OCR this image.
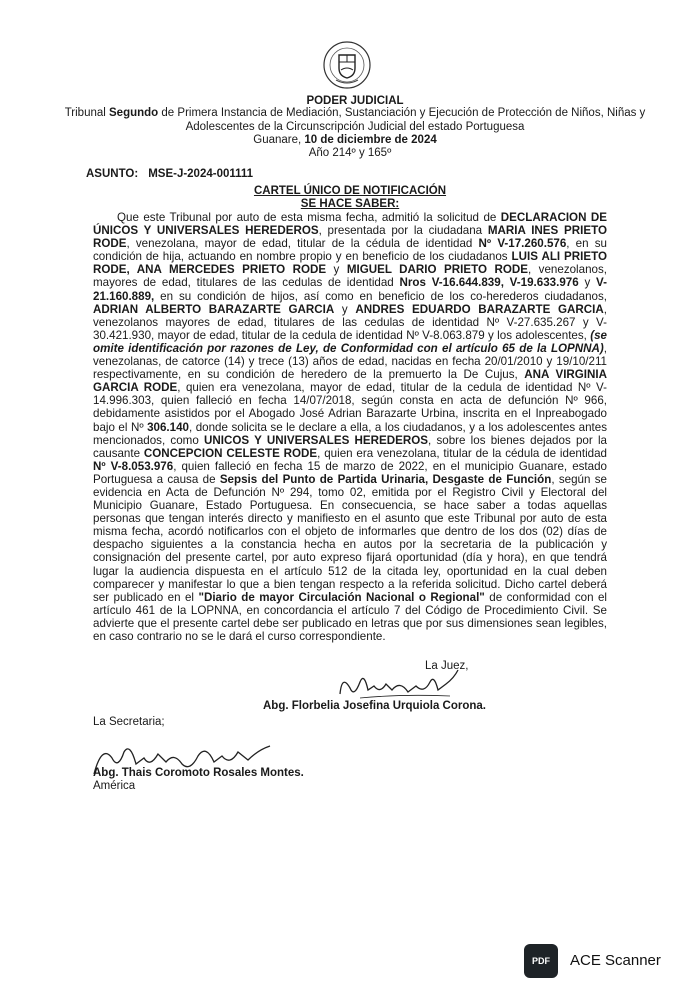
PODER JUDICIAL
Tribunal Segundo de Primera Instancia de Mediación, Sustanciación y Ejecución de Protección de Niños, Niñas y Adolescentes de la Circunscripción Judicial del estado Portuguesa
Guanare, 10 de diciembre de 2024
Año 214º y 165º
ASUNTO: MSE-J-2024-001111
CARTEL ÚNICO DE NOTIFICACIÓN
SE HACE SABER:
Que este Tribunal por auto de esta misma fecha, admitió la solicitud de DECLARACION DE ÚNICOS Y UNIVERSALES HEREDEROS, presentada por la ciudadana MARIA INES PRIETO RODE, venezolana, mayor de edad, titular de la cédula de identidad Nº V-17.260.576, en su condición de hija, actuando en nombre propio y en beneficio de los ciudadanos LUIS ALI PRIETO RODE, ANA MERCEDES PRIETO RODE y MIGUEL DARIO PRIETO RODE, venezolanos, mayores de edad, titulares de las cedulas de identidad Nros V-16.644.839, V-19.633.976 y V-21.160.889, en su condición de hijos, así como en beneficio de los co-herederos ciudadanos, ADRIAN ALBERTO BARAZARTE GARCIA y ANDRES EDUARDO BARAZARTE GARCIA, venezolanos mayores de edad, titulares de las cedulas de identidad Nº V-27.635.267 y V-30.421.930, mayor de edad, titular de la cedula de identidad Nº V-8.063.879 y los adolescentes, (se omite identificación por razones de Ley, de Conformidad con el artículo 65 de la LOPNNA), venezolanas, de catorce (14) y trece (13) años de edad, nacidas en fecha 20/01/2010 y 19/10/211 respectivamente, en su condición de heredero de la premuerto la De Cujus, ANA VIRGINIA GARCIA RODE, quien era venezolana, mayor de edad, titular de la cedula de identidad Nº V-14.996.303, quien falleció en fecha 14/07/2018, según consta en acta de defunción Nº 966, debidamente asistidos por el Abogado José Adrian Barazarte Urbina, inscrita en el Inpreabogado bajo el Nº 306.140, donde solicita se le declare a ella, a los ciudadanos, y a los adolescentes antes mencionados, como UNICOS Y UNIVERSALES HEREDEROS, sobre los bienes dejados por la causante CONCEPCION CELESTE RODE, quien era venezolana, titular de la cédula de identidad Nº V-8.053.976, quien falleció en fecha 15 de marzo de 2022, en el municipio Guanare, estado Portuguesa a causa de Sepsis del Punto de Partida Urinaria, Desgaste de Función, según se evidencia en Acta de Defunción Nº 294, tomo 02, emitida por el Registro Civil y Electoral del Municipio Guanare, Estado Portuguesa. En consecuencia, se hace saber a todas aquellas personas que tengan interés directo y manifiesto en el asunto que este Tribunal por auto de esta misma fecha, acordó notificarlos con el objeto de informarles que dentro de los dos (02) días de despacho siguientes a la constancia hecha en autos por la secretaria de la publicación y consignación del presente cartel, por auto expreso fijará oportunidad (día y hora), en que tendrá lugar la audiencia dispuesta en el artículo 512 de la citada ley, oportunidad en la cual deben comparecer y manifestar lo que a bien tengan respecto a la referida solicitud. Dicho cartel deberá ser publicado en el "Diario de mayor Circulación Nacional o Regional" de conformidad con el artículo 461 de la LOPNNA, en concordancia el artículo 7 del Código de Procedimiento Civil. Se advierte que el presente cartel debe ser publicado en letras que por sus dimensiones sean legibles, en caso contrario no se le dará el curso correspondiente.
La Juez,
Abg. Florbelia Josefina Urquiola Corona.
La Secretaria;
Abg. Thais Coromoto Rosales Montes.
América
PDF	ACE Scanner
